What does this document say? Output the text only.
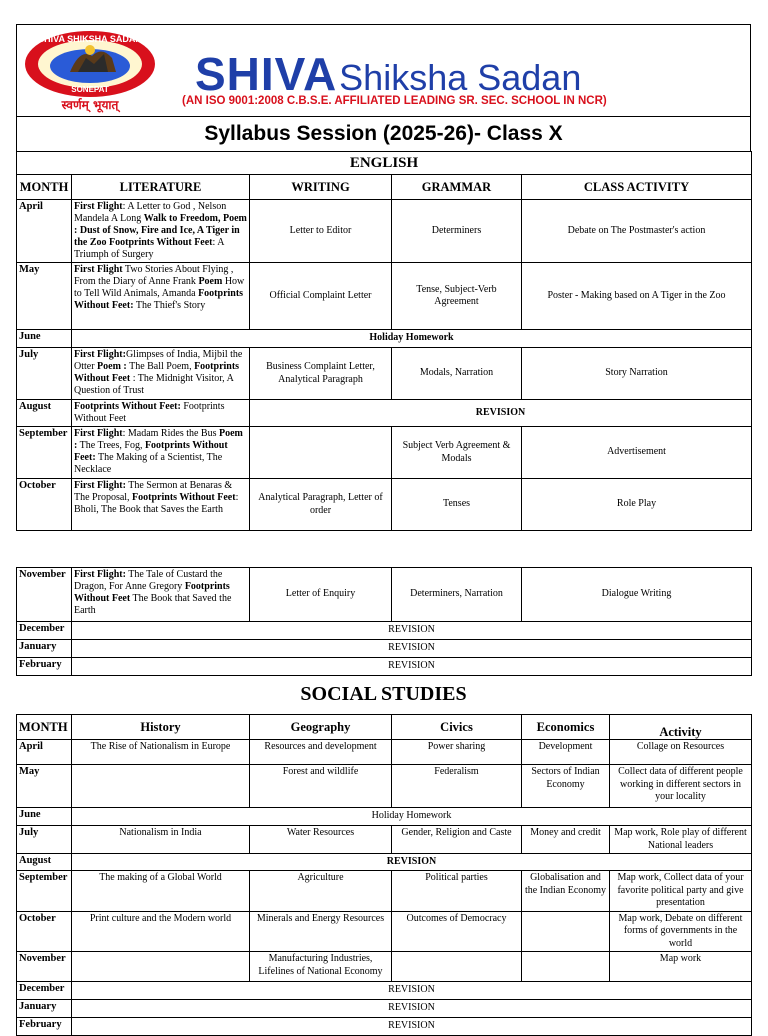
SHIVA SHIKSHA SADAN
SONEPAT
स्वर्णम् भूयात्
SHIVAShiksha Sadan
(AN ISO 9001:2008 C.B.S.E. AFFILIATED LEADING SR. SEC. SCHOOL IN NCR)
Syllabus Session (2025-26)- Class X
ENGLISH				
MONTH	LITERATURE	WRITING	GRAMMAR	CLASS ACTIVITY
April	First Flight: A Letter to God , Nelson Mandela A Long Walk to Freedom, Poem : Dust of Snow, Fire and Ice, A Tiger in the Zoo Footprints Without Feet: A Triumph of Surgery	Letter to Editor	Determiners	Debate on The Postmaster's action
May	First Flight Two Stories About Flying , From the Diary of Anne Frank Poem How to Tell Wild Animals, Amanda Footprints Without Feet: The Thief's Story	Official Complaint Letter	Tense, Subject-Verb Agreement	Poster - Making based on A Tiger in the Zoo
June	Holiday Homework			
July	First Flight:Glimpses of India, Mijbil the Otter Poem : The Ball Poem, Footprints Without Feet : The Midnight Visitor, A Question of Trust	Business Complaint Letter, Analytical Paragraph	Modals, Narration	Story Narration
August	Footprints Without Feet: Footprints Without Feet	REVISION		
September	First Flight: Madam Rides the Bus Poem : The Trees, Fog, Footprints Without Feet: The Making of a Scientist, The Necklace		Subject Verb Agreement & Modals	Advertisement
October	First Flight: The Sermon at Benaras & The Proposal, Footprints Without Feet: Bholi, The Book that Saves the Earth	Analytical Paragraph, Letter of order	Tenses	Role Play
November	First Flight: The Tale of Custard the Dragon, For Anne Gregory Footprints Without Feet The Book that Saved the Earth	Letter of Enquiry	Determiners, Narration	Dialogue Writing
December	REVISION			
January	REVISION			
February	REVISION			
SOCIAL STUDIES
MONTH	History	Geography	Civics	Economics	Activity
April	The Rise of Nationalism in Europe	Resources and development	Power sharing	Development	Collage on Resources
May		Forest and wildlife	Federalism	Sectors of Indian Economy	Collect data of different people working in different sectors in your locality
June	Holiday Homework				
July	Nationalism in India	Water Resources	Gender, Religion and Caste	Money and credit	Map work, Role play of different National leaders
August	REVISION				
September	The making of a Global World	Agriculture	Political parties	Globalisation and the Indian Economy	Map work, Collect data of your favorite political party and give presentation
October	Print culture and the Modern world	Minerals and Energy Resources	Outcomes of Democracy		Map work, Debate on different forms of governments in the world
November		Manufacturing Industries, Lifelines of National Economy			Map work
December	REVISION				
January	REVISION				
February	REVISION				
